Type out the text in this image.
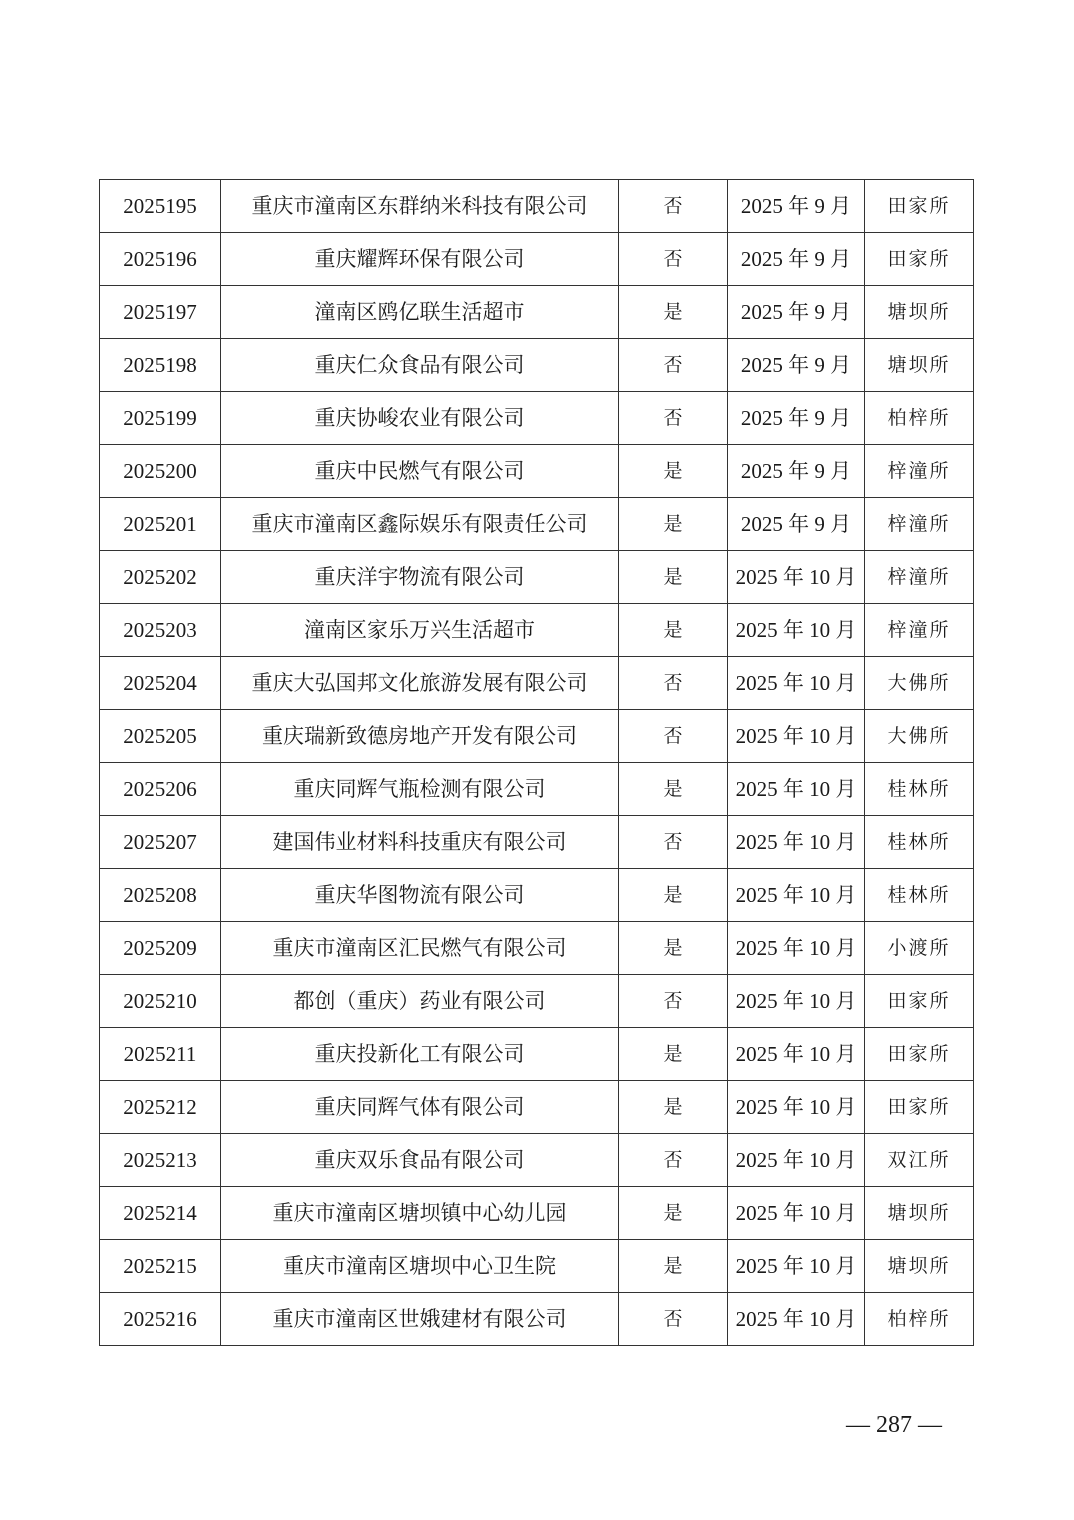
2025195	重庆市潼南区东群纳米科技有限公司	否	2025 年 9 月	田家所
2025196	重庆耀辉环保有限公司	否	2025 年 9 月	田家所
2025197	潼南区鸥亿联生活超市	是	2025 年 9 月	塘坝所
2025198	重庆仁众食品有限公司	否	2025 年 9 月	塘坝所
2025199	重庆协峻农业有限公司	否	2025 年 9 月	柏梓所
2025200	重庆中民燃气有限公司	是	2025 年 9 月	梓潼所
2025201	重庆市潼南区鑫际娱乐有限责任公司	是	2025 年 9 月	梓潼所
2025202	重庆洋宇物流有限公司	是	2025 年 10 月	梓潼所
2025203	潼南区家乐万兴生活超市	是	2025 年 10 月	梓潼所
2025204	重庆大弘国邦文化旅游发展有限公司	否	2025 年 10 月	大佛所
2025205	重庆瑞新致德房地产开发有限公司	否	2025 年 10 月	大佛所
2025206	重庆同辉气瓶检测有限公司	是	2025 年 10 月	桂林所
2025207	建国伟业材料科技重庆有限公司	否	2025 年 10 月	桂林所
2025208	重庆华图物流有限公司	是	2025 年 10 月	桂林所
2025209	重庆市潼南区汇民燃气有限公司	是	2025 年 10 月	小渡所
2025210	都创（重庆）药业有限公司	否	2025 年 10 月	田家所
2025211	重庆投新化工有限公司	是	2025 年 10 月	田家所
2025212	重庆同辉气体有限公司	是	2025 年 10 月	田家所
2025213	重庆双乐食品有限公司	否	2025 年 10 月	双江所
2025214	重庆市潼南区塘坝镇中心幼儿园	是	2025 年 10 月	塘坝所
2025215	重庆市潼南区塘坝中心卫生院	是	2025 年 10 月	塘坝所
2025216	重庆市潼南区世娥建材有限公司	否	2025 年 10 月	柏梓所
— 287 —
